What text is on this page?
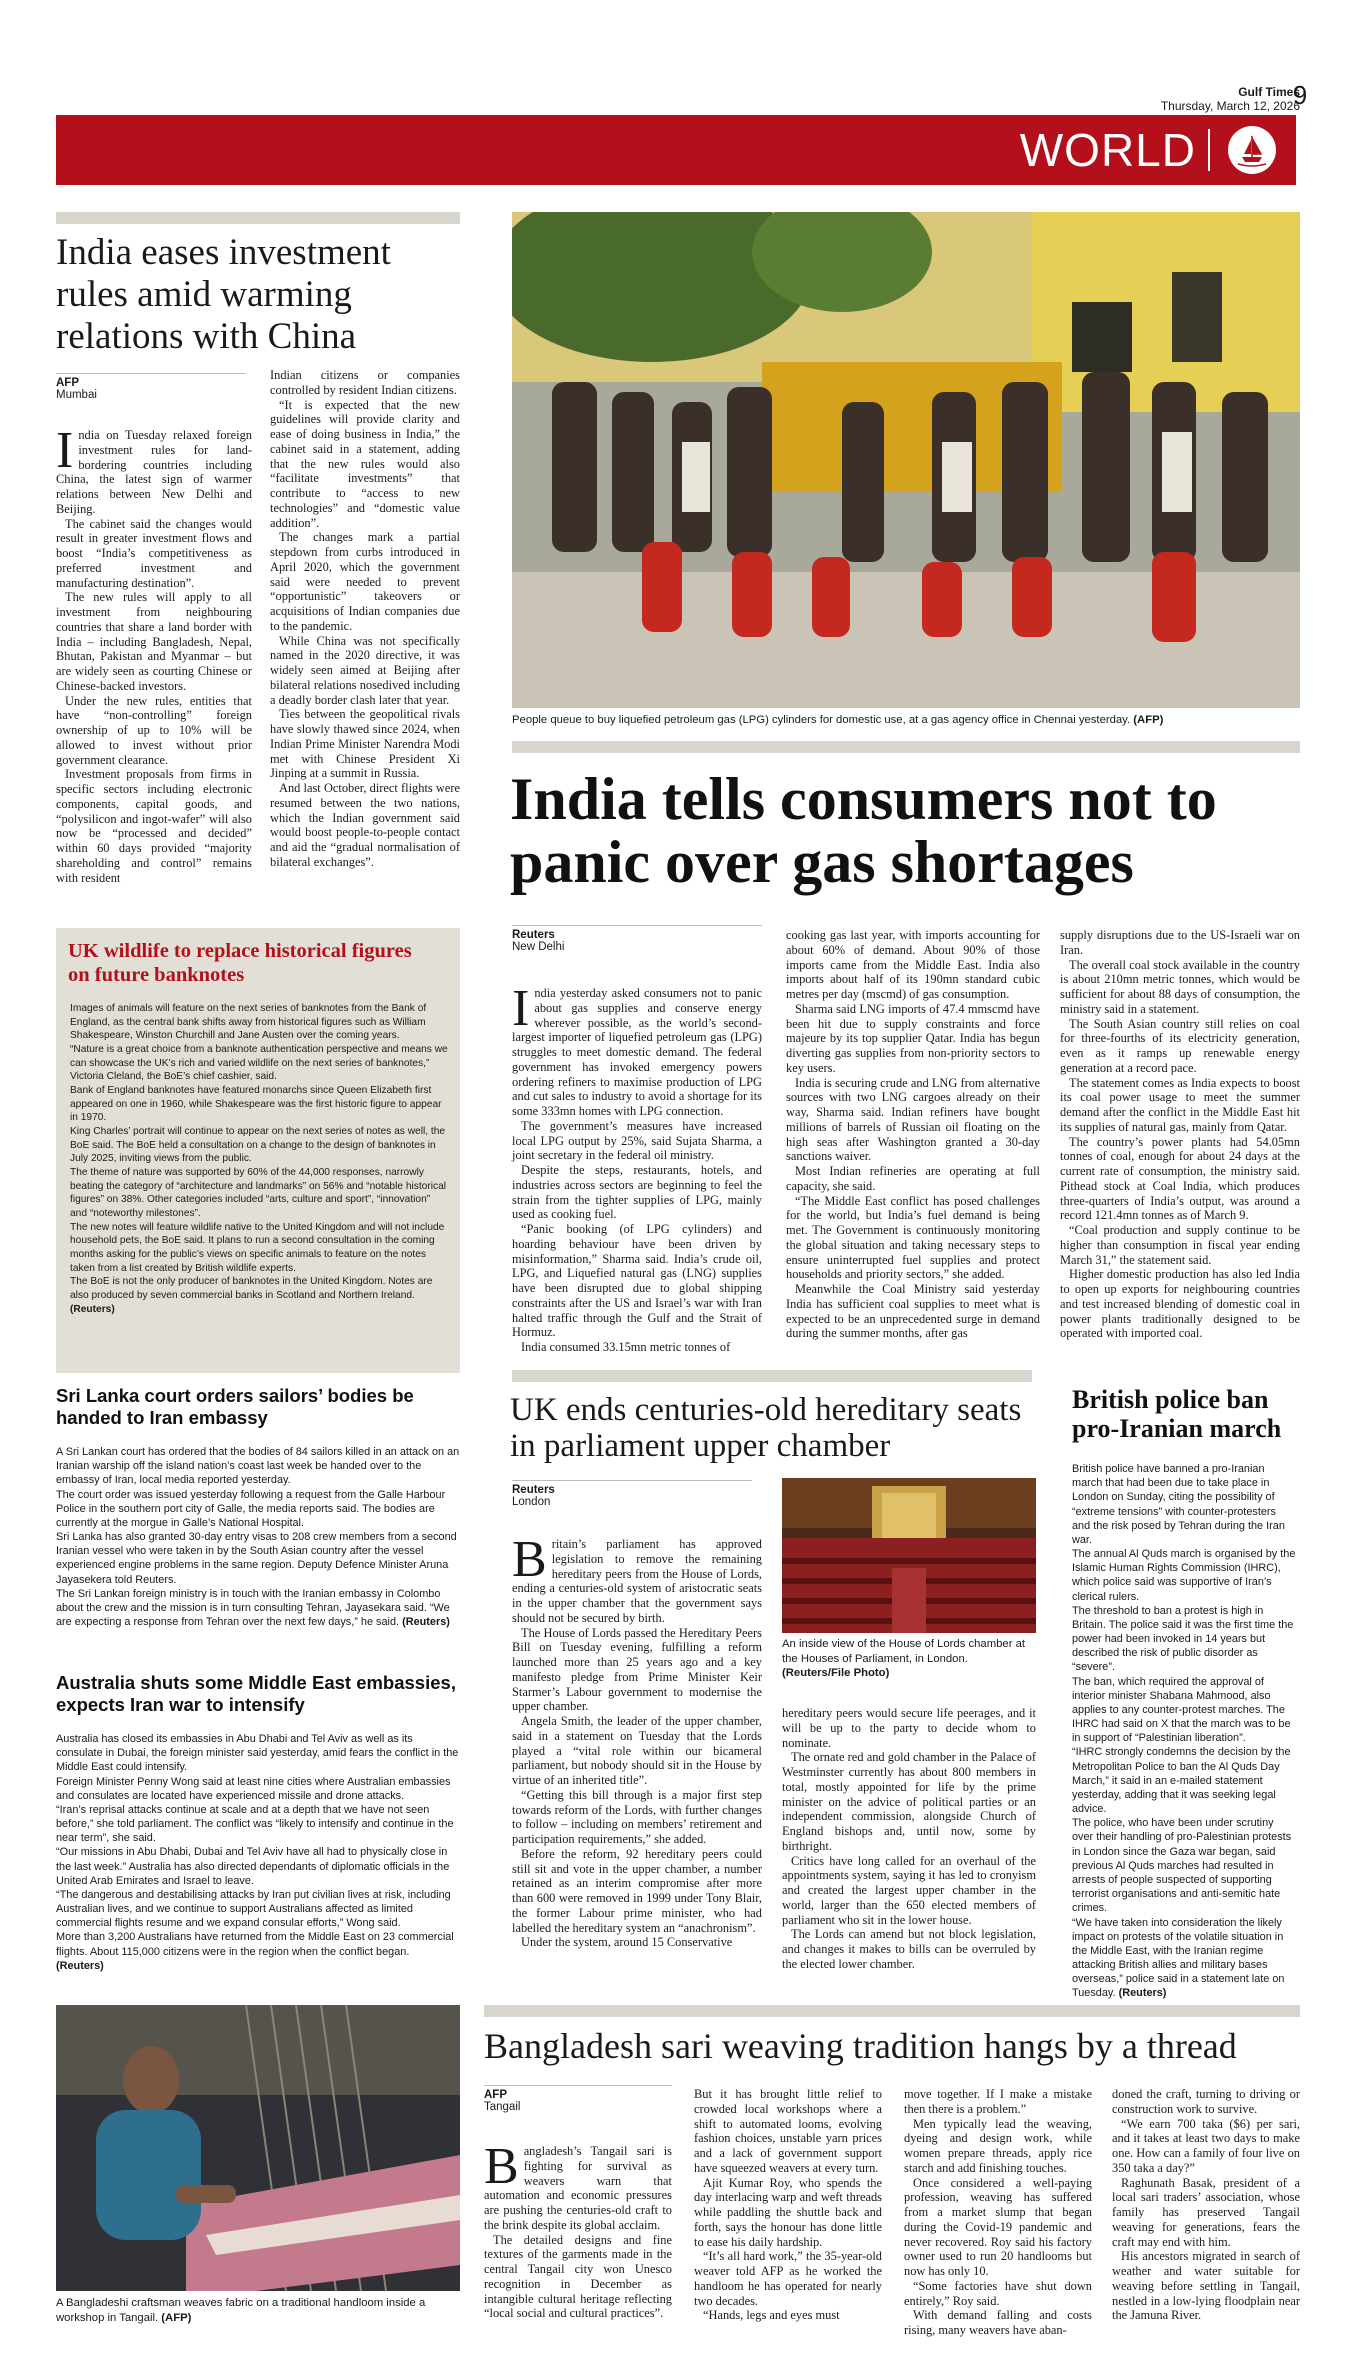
Gulf Times
Thursday, March 12, 2026
9
WORLD
India eases investment rules amid warming relations with China
AFP
Mumbai

India on Tuesday relaxed foreign investment rules for land-bordering countries including China, the latest sign of warmer relations between New Delhi and Beijing.

The cabinet said the changes would result in greater investment flows and boost “India’s competitiveness as preferred investment and manufacturing destination”.

The new rules will apply to all investment from neighbouring countries that share a land border with India – including Bangladesh, Nepal, Bhutan, Pakistan and Myanmar – but are widely seen as courting Chinese or Chinese-backed investors.

Under the new rules, entities that have “non-controlling” foreign ownership of up to 10% will be allowed to invest without prior government clearance.

Investment proposals from firms in specific sectors including electronic components, capital goods, and “polysilicon and ingot-wafer” will also now be “processed and decided” within 60 days provided “majority shareholding and control” remains with resident

Indian citizens or companies controlled by resident Indian citizens.

“It is expected that the new guidelines will provide clarity and ease of doing business in India,” the cabinet said in a statement, adding that the new rules would also “facilitate investments” that contribute to “access to new technologies” and “domestic value addition”.

The changes mark a partial stepdown from curbs introduced in April 2020, which the government said were needed to prevent “opportunistic” takeovers or acquisitions of Indian companies due to the pandemic.

While China was not specifically named in the 2020 directive, it was widely seen aimed at Beijing after bilateral relations nosedived including a deadly border clash later that year.

Ties between the geopolitical rivals have slowly thawed since 2024, when Indian Prime Minister Narendra Modi met with Chinese President Xi Jinping at a summit in Russia.

And last October, direct flights were resumed between the two nations, which the Indian government said would boost people-to-people contact and aid the “gradual normalisation of bilateral exchanges”.

People queue to buy liquefied petroleum gas (LPG) cylinders for domestic use, at a gas agency office in Chennai yesterday. (AFP)
India tells consumers not to panic over gas shortages
Reuters
New Delhi

India yesterday asked consumers not to panic about gas supplies and conserve energy wherever possible, as the world’s second-largest importer of liquefied petroleum gas (LPG) struggles to meet domestic demand. The federal government has invoked emergency powers ordering refiners to maximise production of LPG and cut sales to industry to avoid a shortage for its some 333mn homes with LPG connection.

The government’s measures have increased local LPG output by 25%, said Sujata Sharma, a joint secretary in the federal oil ministry.

Despite the steps, restaurants, hotels, and industries across sectors are beginning to feel the strain from the tighter supplies of LPG, mainly used as cooking fuel.

“Panic booking (of LPG cylinders) and hoarding behaviour have been driven by misinformation,” Sharma said. India’s crude oil, LPG, and Liquefied natural gas (LNG) supplies have been disrupted due to global shipping constraints after the US and Israel’s war with Iran halted traffic through the Gulf and the Strait of Hormuz.

India consumed 33.15mn metric tonnes of

cooking gas last year, with imports accounting for about 60% of demand. About 90% of those imports came from the Middle East. India also imports about half of its 190mn standard cubic metres per day (mscmd) of gas consumption.

Sharma said LNG imports of 47.4 mmscmd have been hit due to supply constraints and force majeure by its top supplier Qatar. India has begun diverting gas supplies from non-priority sectors to key users.

India is securing crude and LNG from alternative sources with two LNG cargoes already on their way, Sharma said. Indian refiners have bought millions of barrels of Russian oil floating on the high seas after Washington granted a 30-day sanctions waiver.

Most Indian refineries are operating at full capacity, she said.

“The Middle East conflict has posed challenges for the world, but India’s fuel demand is being met. The Government is continuously monitoring the global situation and taking necessary steps to ensure uninterrupted fuel supplies and protect households and priority sectors,” she added.

Meanwhile the Coal Ministry said yesterday India has sufficient coal supplies to meet what is expected to be an unprecedented surge in demand during the summer months, after gas

supply disruptions due to the US-Israeli war on Iran.

The overall coal stock available in the country is about 210mn metric tonnes, which would be sufficient for about 88 days of consumption, the ministry said in a statement.

The South Asian country still relies on coal for three-fourths of its electricity generation, even as it ramps up renewable energy generation at a record pace.

The statement comes as India expects to boost its coal power usage to meet the summer demand after the conflict in the Middle East hit its supplies of natural gas, mainly from Qatar.

The country’s power plants had 54.05mn tonnes of coal, enough for about 24 days at the current rate of consumption, the ministry said. Pithead stock at Coal India, which produces three-quarters of India’s output, was around a record 121.4mn tonnes as of March 9.

“Coal production and supply continue to be higher than consumption in fiscal year ending March 31,” the statement said.

Higher domestic production has also led India to open up exports for neighbouring countries and test increased blending of domestic coal in power plants traditionally designed to be operated with imported coal.

UK wildlife to replace historical figures on future banknotes

Images of animals will feature on the next series of banknotes from the Bank of England, as the central bank shifts away from historical figures such as William Shakespeare, Winston Churchill and Jane Austen over the coming years.

“Nature is a great choice from a banknote authentication perspective and means we can showcase the UK’s rich and varied wildlife on the next series of banknotes,” Victoria Cleland, the BoE’s chief cashier, said.

Bank of England banknotes have featured monarchs since Queen Elizabeth first appeared on one in 1960, while Shakespeare was the first historic figure to appear in 1970.

King Charles’ portrait will continue to appear on the next series of notes as well, the BoE said. The BoE held a consultation on a change to the design of banknotes in July 2025, inviting views from the public.

The theme of nature was supported by 60% of the 44,000 responses, narrowly beating the category of “architecture and landmarks” on 56% and “notable historical figures” on 38%. Other categories included “arts, culture and sport”, “innovation” and “noteworthy milestones”.

The new notes will feature wildlife native to the United Kingdom and will not include household pets, the BoE said. It plans to run a second consultation in the coming months asking for the public’s views on specific animals to feature on the notes taken from a list created by British wildlife experts.

The BoE is not the only producer of banknotes in the United Kingdom. Notes are also produced by seven commercial banks in Scotland and Northern Ireland. (Reuters)

Sri Lanka court orders sailors’ bodies be handed to Iran embassy

A Sri Lankan court has ordered that the bodies of 84 sailors killed in an attack on an Iranian warship off the island nation’s coast last week be handed over to the embassy of Iran, local media reported yesterday.

The court order was issued yesterday following a request from the Galle Harbour Police in the southern port city of Galle, the media reports said. The bodies are currently at the morgue in Galle’s National Hospital.

Sri Lanka has also granted 30-day entry visas to 208 crew members from a second Iranian vessel who were taken in by the South Asian country after the vessel experienced engine problems in the same region. Deputy Defence Minister Aruna Jayasekera told Reuters.

The Sri Lankan foreign ministry is in touch with the Iranian embassy in Colombo about the crew and the mission is in turn consulting Tehran, Jayasekara said. “We are expecting a response from Tehran over the next few days,” he said. (Reuters)

Australia shuts some Middle East embassies, expects Iran war to intensify

Australia has closed its embassies in Abu Dhabi and Tel Aviv as well as its consulate in Dubai, the foreign minister said yesterday, amid fears the conflict in the Middle East could intensify.

Foreign Minister Penny Wong said at least nine cities where Australian embassies and consulates are located have experienced missile and drone attacks.

“Iran’s reprisal attacks continue at scale and at a depth that we have not seen before,” she told parliament. The conflict was “likely to intensify and continue in the near term”, she said.

“Our missions in Abu Dhabi, Dubai and Tel Aviv have all had to physically close in the last week.” Australia has also directed dependants of diplomatic officials in the United Arab Emirates and Israel to leave.

“The dangerous and destabilising attacks by Iran put civilian lives at risk, including Australian lives, and we continue to support Australians affected as limited commercial flights resume and we expand consular efforts,” Wong said.

More than 3,200 Australians have returned from the Middle East on 23 commercial flights. About 115,000 citizens were in the region when the conflict began. (Reuters)

UK ends centuries-old hereditary seats in parliament upper chamber
Reuters
London

Britain’s parliament has approved legislation to remove the remaining hereditary peers from the House of Lords, ending a centuries-old system of aristocratic seats in the upper chamber that the government says should not be secured by birth.

The House of Lords passed the Hereditary Peers Bill on Tuesday evening, fulfilling a reform launched more than 25 years ago and a key manifesto pledge from Prime Minister Keir Starmer’s Labour government to modernise the upper chamber.

Angela Smith, the leader of the upper chamber, said in a statement on Tuesday that the Lords played a “vital role within our bicameral parliament, but nobody should sit in the House by virtue of an inherited title”.

“Getting this bill through is a major first step towards reform of the Lords, with further changes to follow – including on members’ retirement and participation requirements,” she added.

Before the reform, 92 hereditary peers could still sit and vote in the upper chamber, a number retained as an interim compromise after more than 600 were removed in 1999 under Tony Blair, the former Labour prime minister, who had labelled the hereditary system an “anachronism”.

Under the system, around 15 Conservative

An inside view of the House of Lords chamber at the Houses of Parliament, in London. (Reuters/File Photo)

hereditary peers would secure life peerages, and it will be up to the party to decide whom to nominate.

The ornate red and gold chamber in the Palace of Westminster currently has about 800 members in total, mostly appointed for life by the prime minister on the advice of political parties or an independent commission, alongside Church of England bishops and, until now, some by birthright.

Critics have long called for an overhaul of the appointments system, saying it has led to cronyism and created the largest upper chamber in the world, larger than the 650 elected members of parliament who sit in the lower house.

The Lords can amend but not block legislation, and changes it makes to bills can be overruled by the elected lower chamber.

British police ban pro-Iranian march

British police have banned a pro-Iranian march that had been due to take place in London on Sunday, citing the possibility of “extreme tensions” with counter-protesters and the risk posed by Tehran during the Iran war.

The annual Al Quds march is organised by the Islamic Human Rights Commission (IHRC), which police said was supportive of Iran’s clerical rulers.

The threshold to ban a protest is high in Britain. The police said it was the first time the power had been invoked in 14 years but described the risk of public disorder as “severe”.

The ban, which required the approval of interior minister Shabana Mahmood, also applies to any counter-protest marches. The IHRC had said on X that the march was to be in support of “Palestinian liberation”.

“IHRC strongly condemns the decision by the Metropolitan Police to ban the Al Quds Day March,” it said in an e-mailed statement yesterday, adding that it was seeking legal advice.

The police, who have been under scrutiny over their handling of pro-Palestinian protests in London since the Gaza war began, said previous Al Quds marches had resulted in arrests of people suspected of supporting terrorist organisations and anti-semitic hate crimes.

“We have taken into consideration the likely impact on protests of the volatile situation in the Middle East, with the Iranian regime attacking British allies and military bases overseas,” police said in a statement late on Tuesday. (Reuters)

A Bangladeshi craftsman weaves fabric on a traditional handloom inside a workshop in Tangail. (AFP)
Bangladesh sari weaving tradition hangs by a thread
AFP
Tangail

Bangladesh’s Tangail sari is fighting for survival as weavers warn that automation and economic pressures are pushing the centuries-old craft to the brink despite its global acclaim.

The detailed designs and fine textures of the garments made in the central Tangail city won Unesco recognition in December as intangible cultural heritage reflecting “local social and cultural practices”.

But it has brought little relief to crowded local workshops where a shift to automated looms, evolving fashion choices, unstable yarn prices and a lack of government support have squeezed weavers at every turn.

Ajit Kumar Roy, who spends the day interlacing warp and weft threads while paddling the shuttle back and forth, says the honour has done little to ease his daily hardship.

“It’s all hard work,” the 35-year-old weaver told AFP as he worked the handloom he has operated for nearly two decades.

“Hands, legs and eyes must

move together. If I make a mistake then there is a problem.”

Men typically lead the weaving, dyeing and design work, while women prepare threads, apply rice starch and add finishing touches.

Once considered a well-paying profession, weaving has suffered from a market slump that began during the Covid-19 pandemic and never recovered. Roy said his factory owner used to run 20 handlooms but now has only 10.

“Some factories have shut down entirely,” Roy said.

With demand falling and costs rising, many weavers have aban-

doned the craft, turning to driving or construction work to survive.

“We earn 700 taka ($6) per sari, and it takes at least two days to make one. How can a family of four live on 350 taka a day?”

Raghunath Basak, president of a local sari traders’ association, whose family has preserved Tangail weaving for generations, fears the craft may end with him.

His ancestors migrated in search of weather and water suitable for weaving before settling in Tangail, nestled in a low-lying floodplain near the Jamuna River.
